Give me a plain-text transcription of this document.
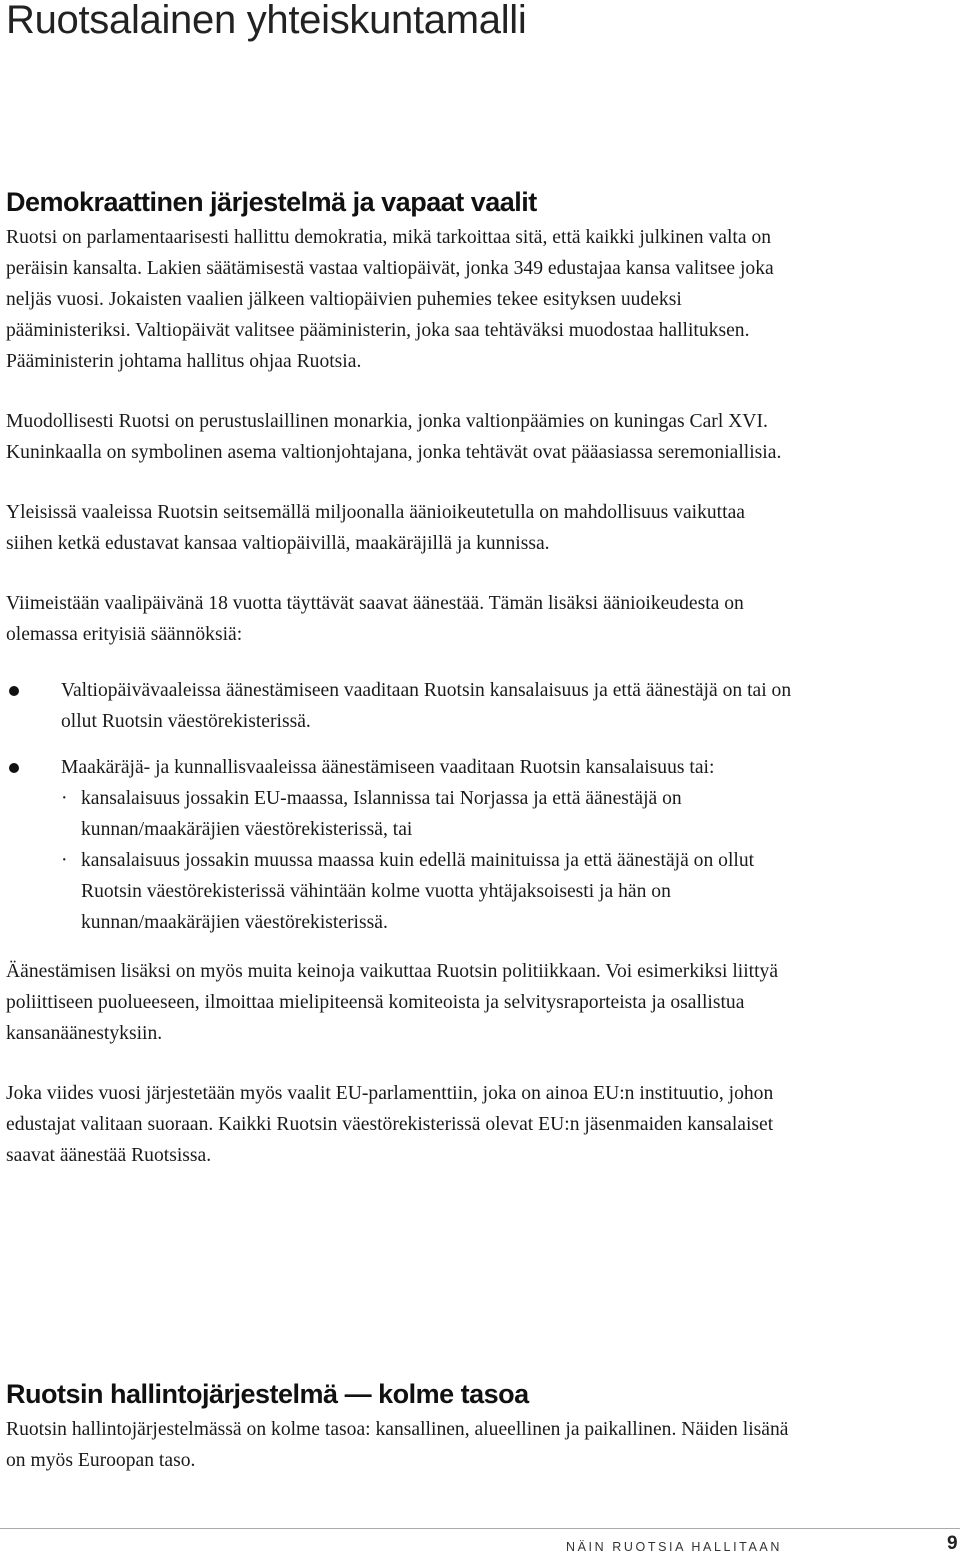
Ruotsalainen yhteiskuntamalli
Demokraattinen järjestelmä ja vapaat vaalit

Ruotsi on parlamentaarisesti hallittu demokratia, mikä tarkoittaa sitä, että kaikki julkinen valta on peräisin kansalta. Lakien säätämisestä vastaa valtiopäivät, jonka 349 edustajaa kansa valitsee joka neljäs vuosi. Jokaisten vaalien jälkeen valtiopäivien puhemies tekee esityksen uudeksi pääministeriksi. Valtiopäivät valitsee pääministerin, joka saa tehtäväksi muodostaa hallituksen. Pääministerin johtama hallitus ohjaa Ruotsia.

Muodollisesti Ruotsi on perustuslaillinen monarkia, jonka valtionpäämies on kuningas Carl XVI. Kuninkaalla on symbolinen asema valtionjohtajana, jonka tehtävät ovat pääasiassa seremoniallisia.

Yleisissä vaaleissa Ruotsin seitsemällä miljoonalla äänioikeutetulla on mahdollisuus vaikuttaa siihen ketkä edustavat kansaa valtiopäivillä, maakäräjillä ja kunnissa.

Viimeistään vaalipäivänä 18 vuotta täyttävät saavat äänestää. Tämän lisäksi äänioikeudesta on olemassa erityisiä säännöksiä:

Valtiopäivävaaleissa äänestämiseen vaaditaan Ruotsin kansalaisuus ja että äänestäjä on tai on ollut Ruotsin väestörekisterissä.
Maakäräjä- ja kunnallisvaaleissa äänestämiseen vaaditaan Ruotsin kansalaisuus tai:
· kansalaisuus jossakin EU-maassa, Islannissa tai Norjassa ja että äänestäjä on kunnan/maakäräjien väestörekisterissä, tai
· kansalaisuus jossakin muussa maassa kuin edellä mainituissa ja että äänestäjä on ollut Ruotsin väestörekisterissä vähintään kolme vuotta yhtäjaksoisesti ja hän on kunnan/maakäräjien väestörekisterissä.

Äänestämisen lisäksi on myös muita keinoja vaikuttaa Ruotsin politiikkaan. Voi esimerkiksi liittyä poliittiseen puolueeseen, ilmoittaa mielipiteensä komiteoista ja selvitysraporteista ja osallistua kansanäänestyksiin.

Joka viides vuosi järjestetään myös vaalit EU-parlamenttiin, joka on ainoa EU:n instituutio, johon edustajat valitaan suoraan. Kaikki Ruotsin väestörekisterissä olevat EU:n jäsenmaiden kansalaiset saavat äänestää Ruotsissa.

Ruotsin hallintojärjestelmä — kolme tasoa

Ruotsin hallintojärjestelmässä on kolme tasoa: kansallinen, alueellinen ja paikallinen. Näiden lisänä on myös Euroopan taso.

NÄIN RUOTSIA HALLITAAN	9
